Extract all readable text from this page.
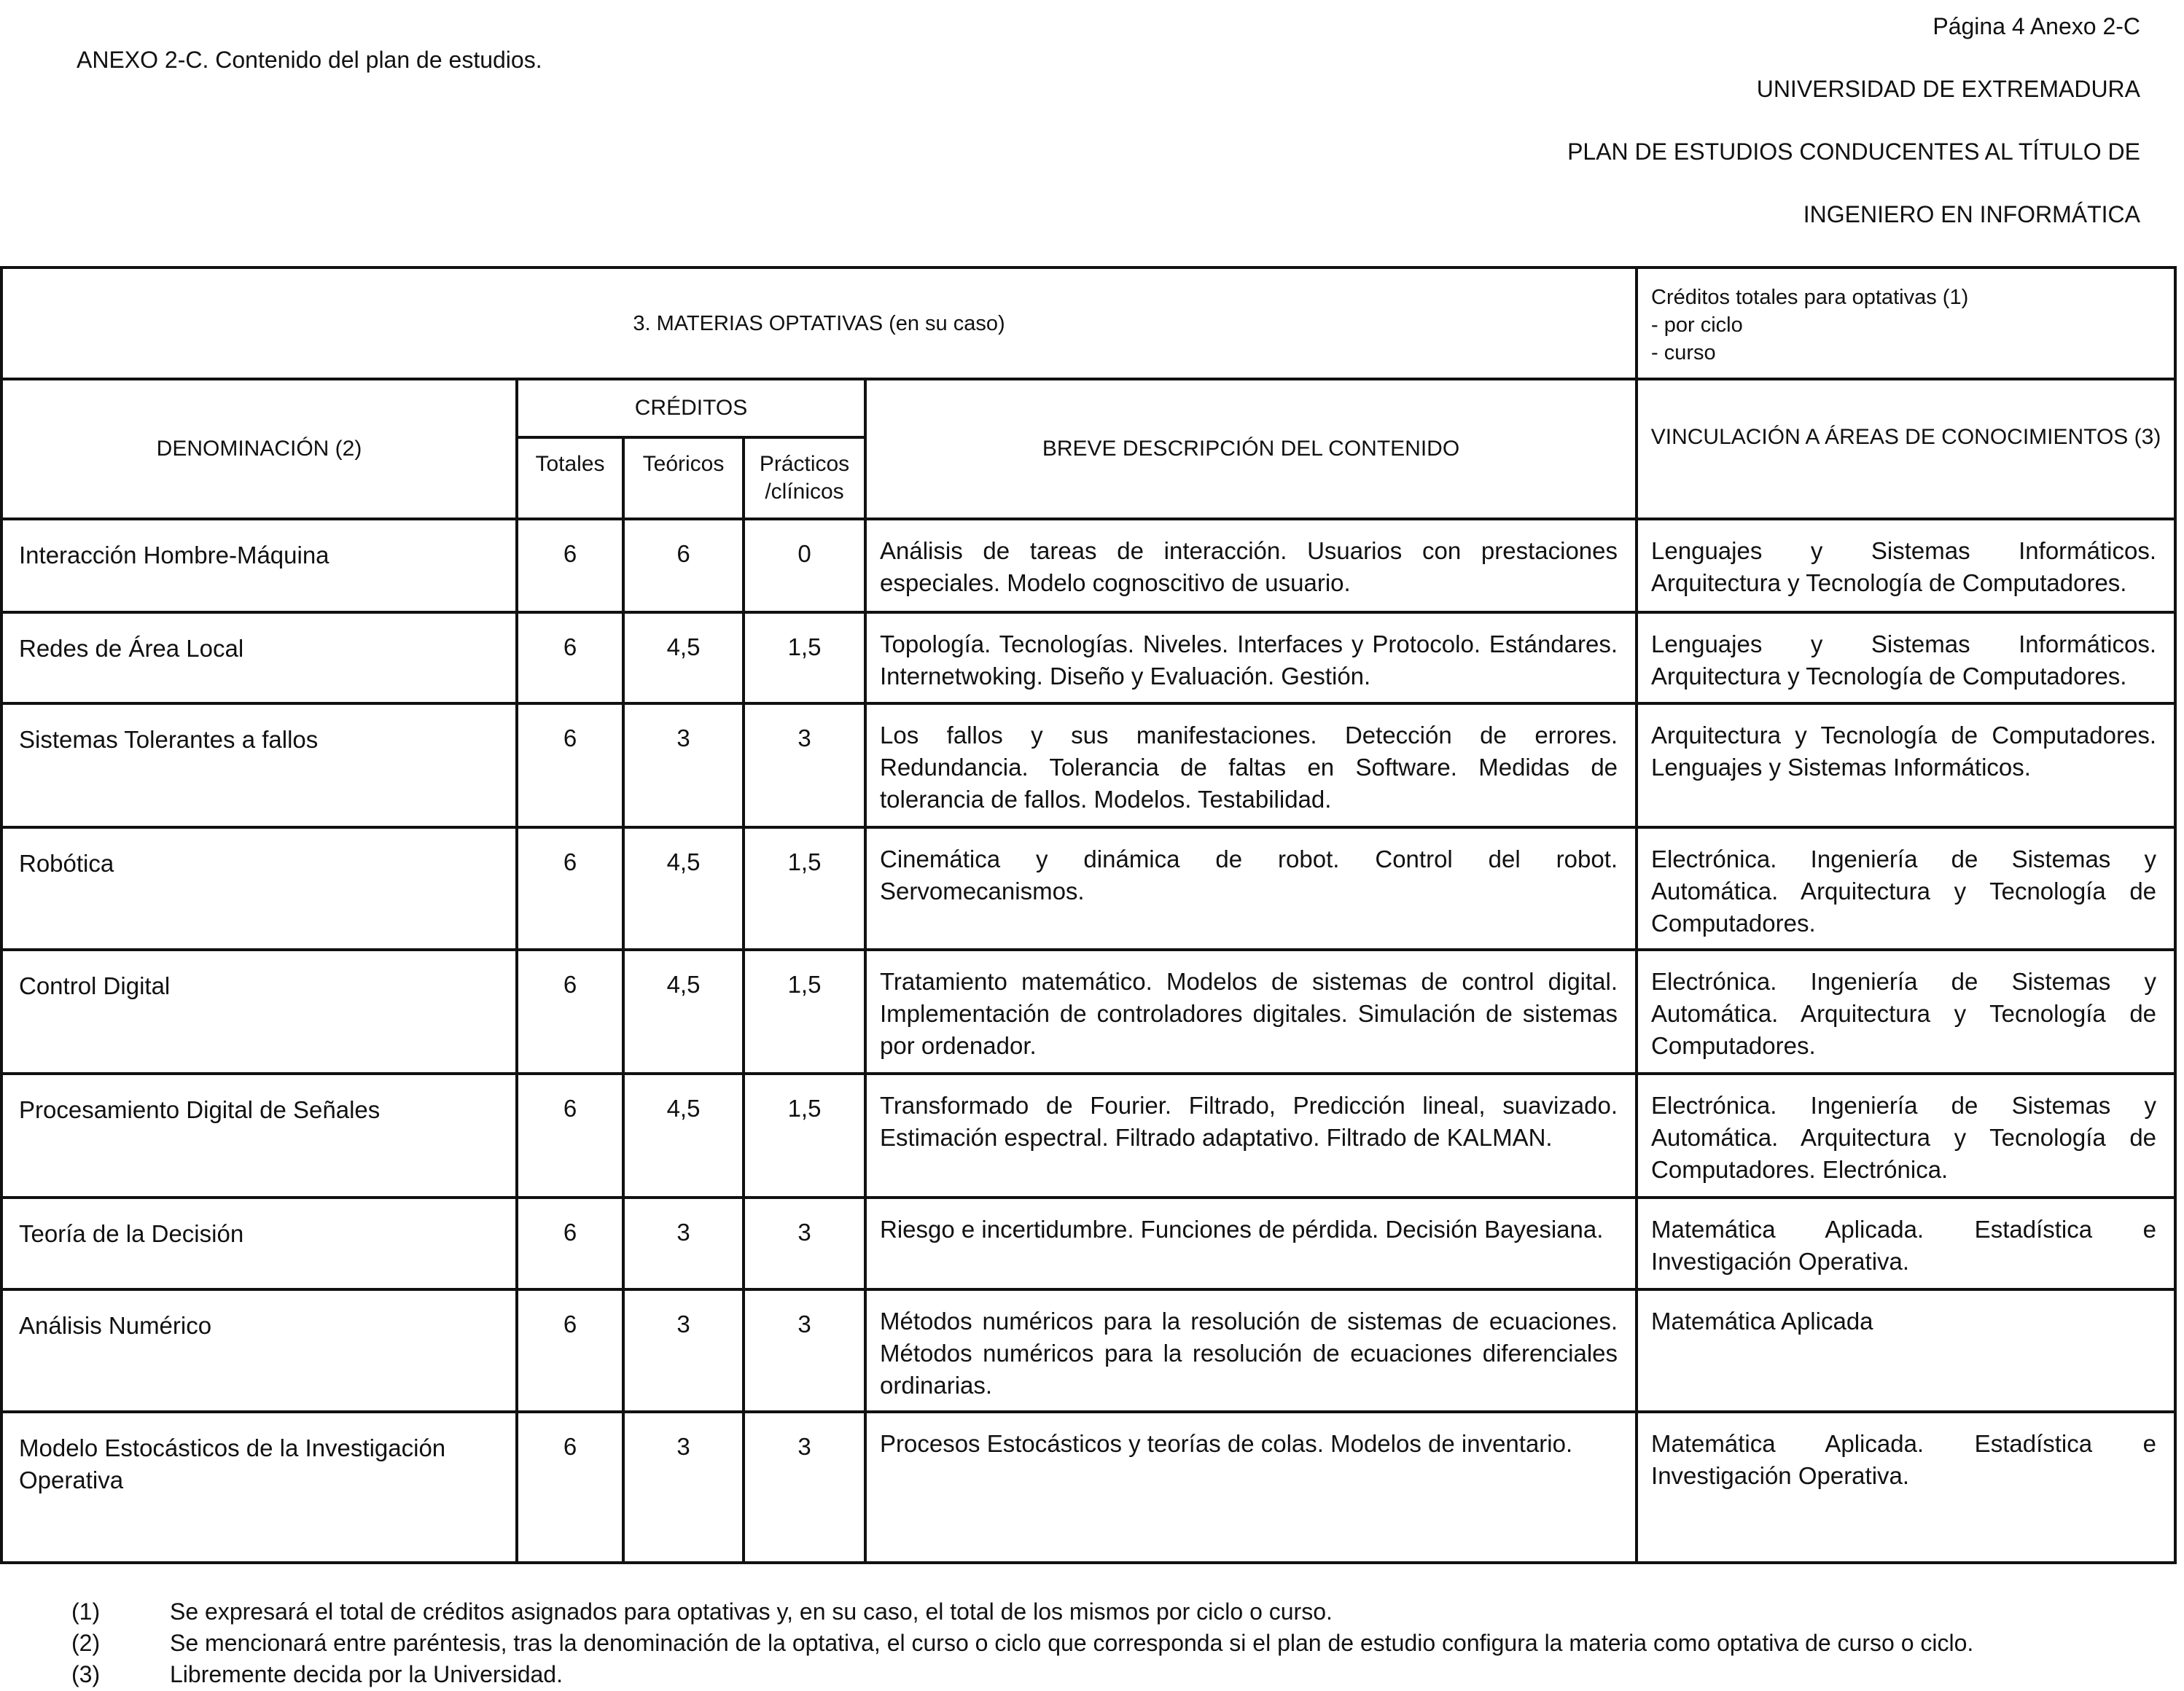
ANEXO 2-C. Contenido del plan de estudios.
Página 4 Anexo 2-C
UNIVERSIDAD DE EXTREMADURA
PLAN DE ESTUDIOS CONDUCENTES AL TÍTULO DE
INGENIERO EN INFORMÁTICA
3. MATERIAS OPTATIVAS (en su caso)					Créditos totales para optativas (1)
- por ciclo
- curso

DENOMINACIÓN (2)	CRÉDITOS			BREVE DESCRIPCIÓN DEL CONTENIDO	VINCULACIÓN A ÁREAS DE CONOCIMIENTOS (3)
	Totales	Teóricos	Prácticos
/clínicos		

Interacción Hombre-Máquina	6	6	0	Análisis de tareas de interacción. Usuarios con prestaciones especiales. Modelo cognoscitivo de usuario.	Lenguajes y Sistemas Informáticos. Arquitectura y Tecnología de Computadores.
Redes de Área Local	6	4,5	1,5	Topología. Tecnologías. Niveles. Interfaces y Protocolo. Estándares. Internetwoking. Diseño y Evaluación. Gestión.	Lenguajes y Sistemas Informáticos. Arquitectura y Tecnología de Computadores.
Sistemas Tolerantes a fallos	6	3	3	Los fallos y sus manifestaciones. Detección de errores. Redundancia. Tolerancia de faltas en Software. Medidas de tolerancia de fallos. Modelos. Testabilidad.	Arquitectura y Tecnología de Computadores. Lenguajes y Sistemas Informáticos.
Robótica	6	4,5	1,5	Cinemática y dinámica de robot. Control del robot. Servomecanismos.	Electrónica. Ingeniería de Sistemas y Automática. Arquitectura y Tecnología de Computadores.
Control Digital	6	4,5	1,5	Tratamiento matemático. Modelos de sistemas de control digital. Implementación de controladores digitales. Simulación de sistemas por ordenador.	Electrónica. Ingeniería de Sistemas y Automática. Arquitectura y Tecnología de Computadores.
Procesamiento Digital de Señales	6	4,5	1,5	Transformado de Fourier. Filtrado, Predicción lineal, suavizado. Estimación espectral. Filtrado adaptativo. Filtrado de KALMAN.	Electrónica. Ingeniería de Sistemas y Automática. Arquitectura y Tecnología de Computadores. Electrónica.
Teoría de la Decisión	6	3	3	Riesgo e incertidumbre. Funciones de pérdida. Decisión Bayesiana.	Matemática Aplicada. Estadística e Investigación Operativa.
Análisis Numérico	6	3	3	Métodos numéricos para la resolución de sistemas de ecuaciones. Métodos numéricos para la resolución de ecuaciones diferenciales ordinarias.	Matemática Aplicada
Modelo Estocásticos de la Investigación Operativa	6	3	3	Procesos Estocásticos y teorías de colas. Modelos de inventario.	Matemática Aplicada. Estadística e Investigación Operativa.
(1)	Se expresará el total de créditos asignados para optativas y, en su caso, el total de los mismos por ciclo o curso.
(2)	Se mencionará entre paréntesis, tras la denominación de la optativa, el curso o ciclo que corresponda si el plan de estudio configura la materia como optativa de curso o ciclo.
(3)	Libremente decida por la Universidad.
